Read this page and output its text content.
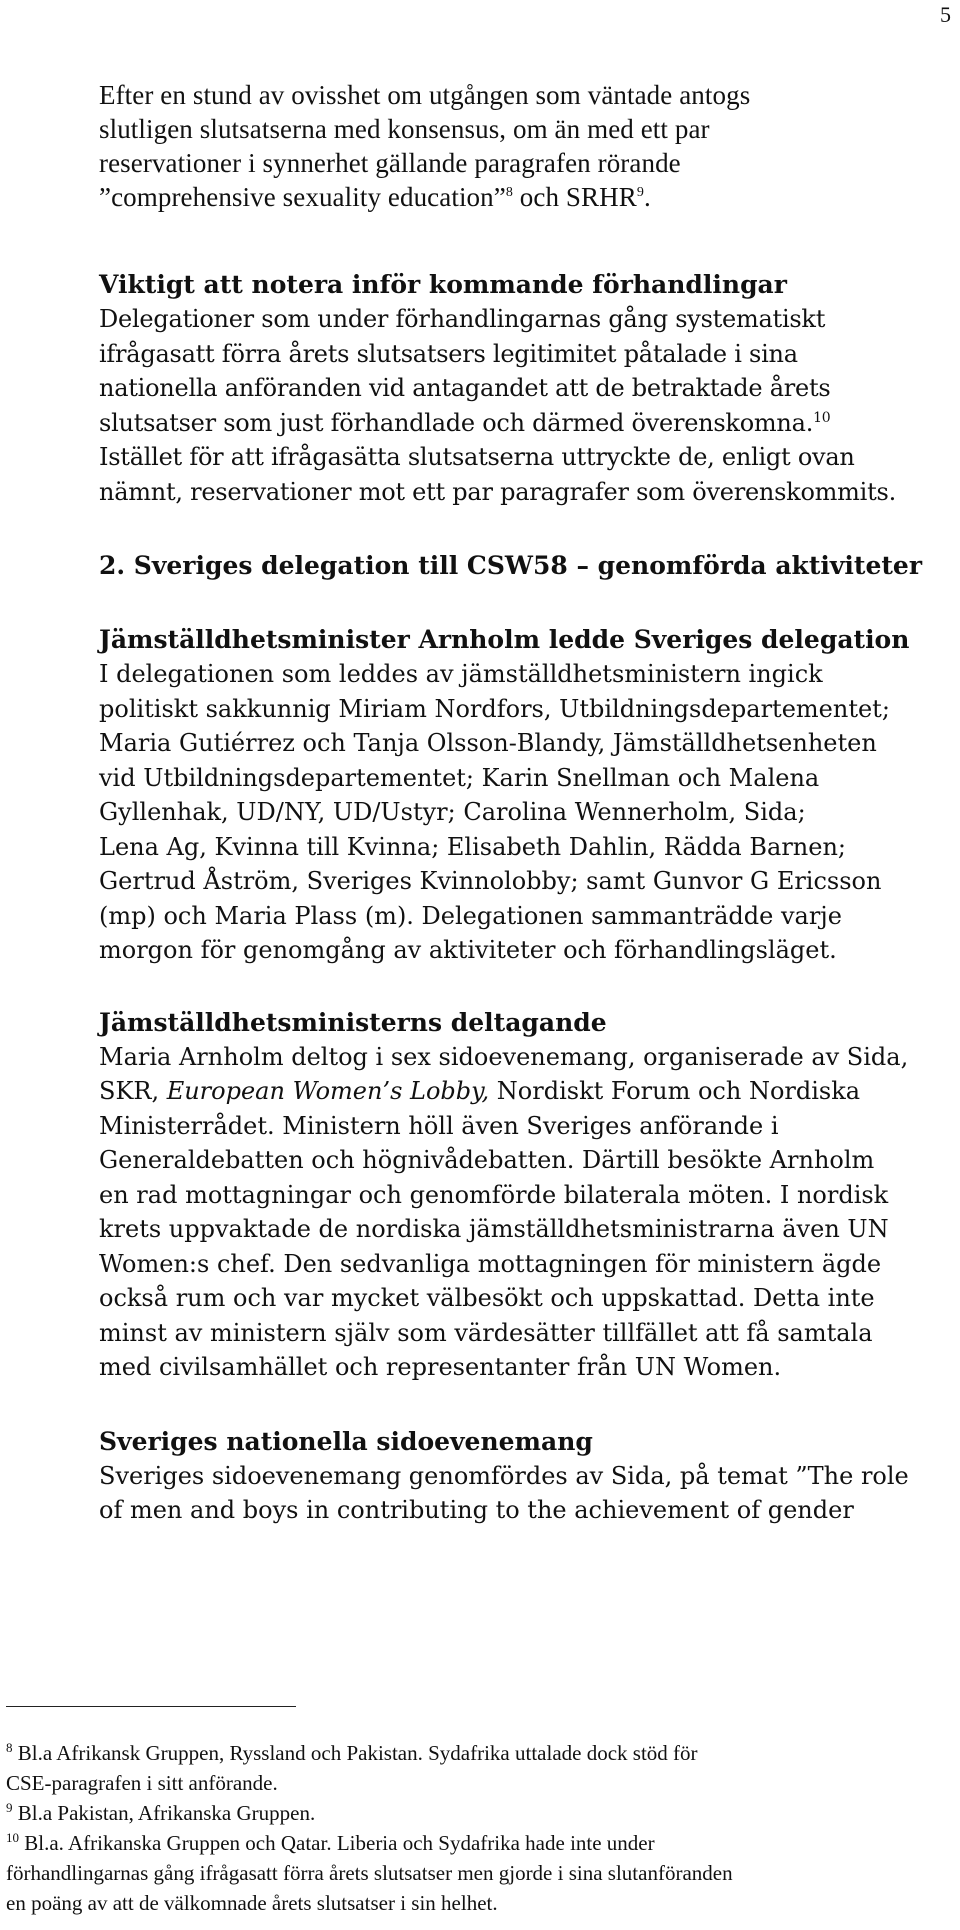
5

Efter en stund av ovisshet om utgången som väntade antogs
slutligen slutsatserna med konsensus, om än med ett par
reservationer i synnerhet gällande paragrafen rörande
”comprehensive sexuality education”$^8$ och SRHR$^9$.

Viktigt att notera inför kommande förhandlingar

Delegationer som under förhandlingarnas gång systematiskt
ifrågasatt förra årets slutsatsers legitimitet påtalade i sina
nationella anföranden vid antagandet att de betraktade årets
slutsatser som just förhandlade och därmed överenskomna.$^{10}$
Istället för att ifrågasätta slutsatserna uttryckte de, enligt ovan
nämnt, reservationer mot ett par paragrafer som överenskommits.

2. Sveriges delegation till CSW58 – genomförda aktiviteter
Jämställdhetsminister Arnholm ledde Sveriges delegation

I delegationen som leddes av jämställdhetsministern ingick
politiskt sakkunnig Miriam Nordfors, Utbildningsdepartementet;
Maria Gutiérrez och Tanja Olsson-Blandy, Jämställdhetsenheten
vid Utbildningsdepartementet; Karin Snellman och Malena
Gyllenhak, UD/NY, UD/Ustyr; Carolina Wennerholm, Sida;
Lena Ag, Kvinna till Kvinna; Elisabeth Dahlin, Rädda Barnen;
Gertrud Åström, Sveriges Kvinnolobby; samt Gunvor G Ericsson
(mp) och Maria Plass (m). Delegationen sammanträdde varje
morgon för genomgång av aktiviteter och förhandlingsläget.

Jämställdhetsministerns deltagande

Maria Arnholm deltog i sex sidoevenemang, organiserade av Sida,
SKR, European Women’s Lobby, Nordiskt Forum och Nordiska
Ministerrådet. Ministern höll även Sveriges anförande i
Generaldebatten och högnivådebatten. Därtill besökte Arnholm
en rad mottagningar och genomförde bilaterala möten. I nordisk
krets uppvaktade de nordiska jämställdhetsministrarna även UN
Women:s chef. Den sedvanliga mottagningen för ministern ägde
också rum och var mycket välbesökt och uppskattad. Detta inte
minst av ministern själv som värdesätter tillfället att få samtala
med civilsamhället och representanter från UN Women.

Sveriges nationella sidoevenemang

Sveriges sidoevenemang genomfördes av Sida, på temat ”The role
of men and boys in contributing to the achievement of gender

$^8$ Bl.a Afrikansk Gruppen, Ryssland och Pakistan. Sydafrika uttalade dock stöd för
CSE-paragrafen i sitt anförande.

$^9$ Bl.a Pakistan, Afrikanska Gruppen.

$^{10}$ Bl.a. Afrikanska Gruppen och Qatar. Liberia och Sydafrika hade inte under
förhandlingarnas gång ifrågasatt förra årets slutsatser men gjorde i sina slutanföranden
en poäng av att de välkomnade årets slutsatser i sin helhet.
